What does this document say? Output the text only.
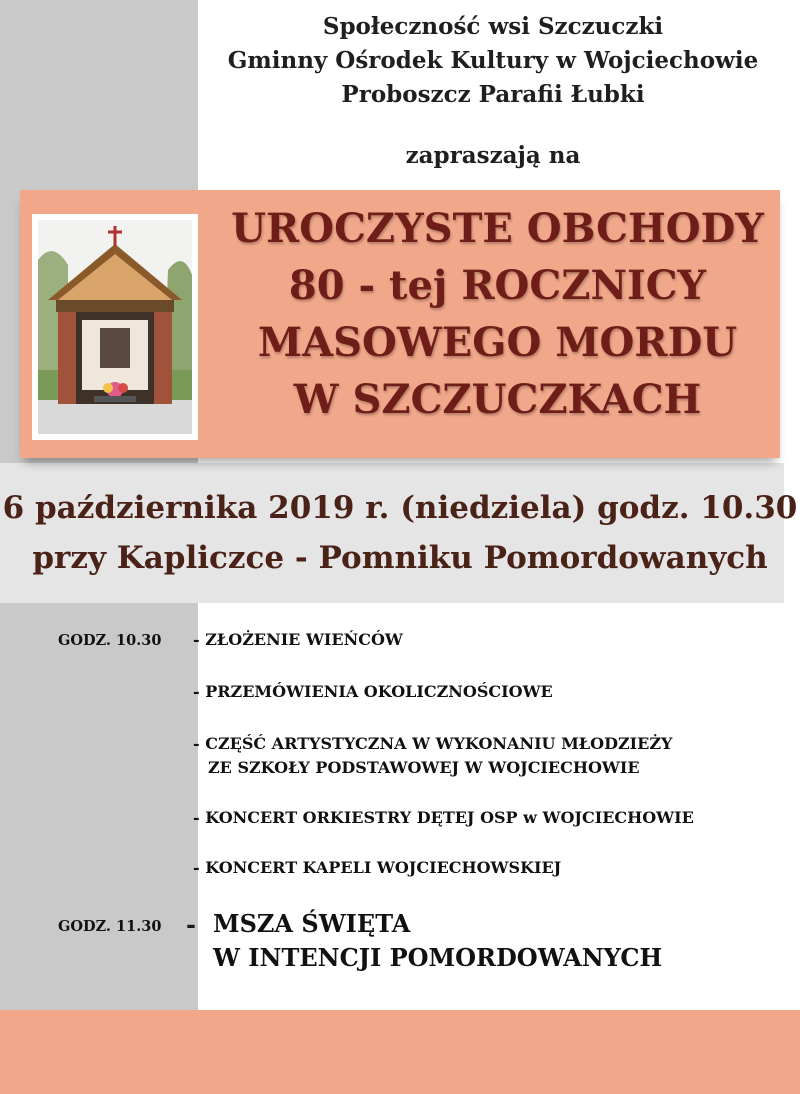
Społeczność wsi Szczuczki
Gminny Ośrodek Kultury w Wojciechowie
Proboszcz Parafii Łubki
zapraszają na
UROCZYSTE OBCHODY
80 - tej ROCZNICY
MASOWEGO MORDU
W SZCZUCZKACH
6 października 2019 r. (niedziela) godz. 10.30
przy Kapliczce - Pomniku Pomordowanych
GODZ. 10.30 - ZŁOŻENIE WIEŃCÓW
- PRZEMÓWIENIA OKOLICZNOŚCIOWE
- CZĘŚĆ ARTYSTYCZNA W WYKONANIU MŁODZIEŻY
ZE SZKOŁY PODSTAWOWEJ W WOJCIECHOWIE
- KONCERT ORKIESTRY DĘTEJ OSP w WOJCIECHOWIE
- KONCERT KAPELI WOJCIECHOWSKIEJ
GODZ. 11.30 - MSZA ŚWIĘTA
W INTENCJI POMORDOWANYCH
